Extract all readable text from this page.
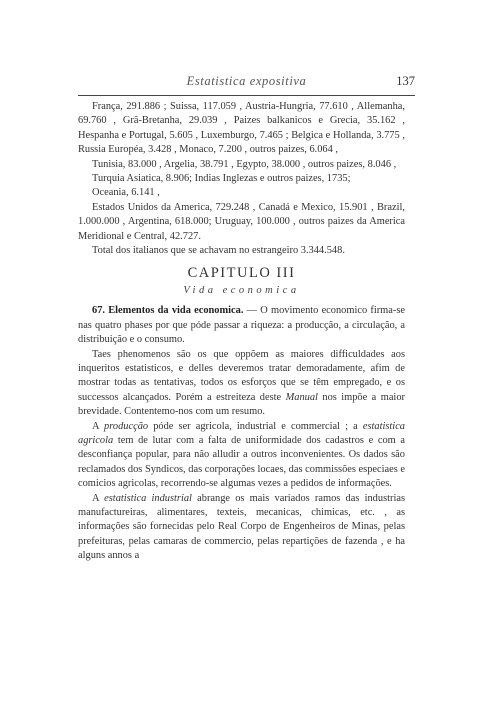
Estatistica expositiva	137

França, 291.886 ; Suissa, 117.059 , Austria-Hungria, 77.610 , Allemanha, 69.760 , Grã-Bretanha, 29.039 , Paizes balkanicos e Grecia, 35.162 , Hespanha e Portugal, 5.605 , Luxemburgo, 7.465 ; Belgica e Hollanda, 3.775 , Russia Européa, 3.428 , Monaco, 7.200 , outros paizes, 6.064 ,

Tunisia, 83.000 , Argelia, 38.791 , Egypto, 38.000 , outros paizes, 8.046 ,

Turquia Asiatica, 8.906; Indias Inglezas e outros paizes, 1735;

Oceania, 6.141 ,

Estados Unidos da America, 729.248 , Canadá e Mexico, 15.901 , Brazil, 1.000.000 , Argentina, 618.000; Uruguay, 100.000 , outros paizes da America Meridional e Central, 42.727.

Total dos italianos que se achavam no estrangeiro 3.344.548.

CAPITULO III
Vida economica

67. Elementos da vida economica. — O movimento economico firma-se nas quatro phases por que póde passar a riqueza: a producção, a circulação, a distribuição e o consumo.

Taes phenomenos são os que oppõem as maiores difficuldades aos inqueritos estatisticos, e delles deveremos tratar demoradamente, afim de mostrar todas as tentativas, todos os esforços que se têm empregado, e os successos alcançados. Porém a estreiteza deste Manual nos impõe a maior brevidade. Contentemo-nos com um resumo.

A producção póde ser agricola, industrial e commercial ; a estatistica agricola tem de lutar com a falta de uniformidade dos cadastros e com a desconfiança popular, para não alludir a outros inconvenientes. Os dados são reclamados dos Syndicos, das corporações locaes, das commissões especiaes e comicios agricolas, recorrendo-se algumas vezes a pedidos de informações.

A estatistica industrial abrange os mais variados ramos das industrias manufactureiras, alimentares, texteis, mecanicas, chimicas, etc. , as informações são fornecidas pelo Real Corpo de Engenheiros de Minas, pelas prefeituras, pelas camaras de commercio, pelas repartições de fazenda , e ha alguns annos a
